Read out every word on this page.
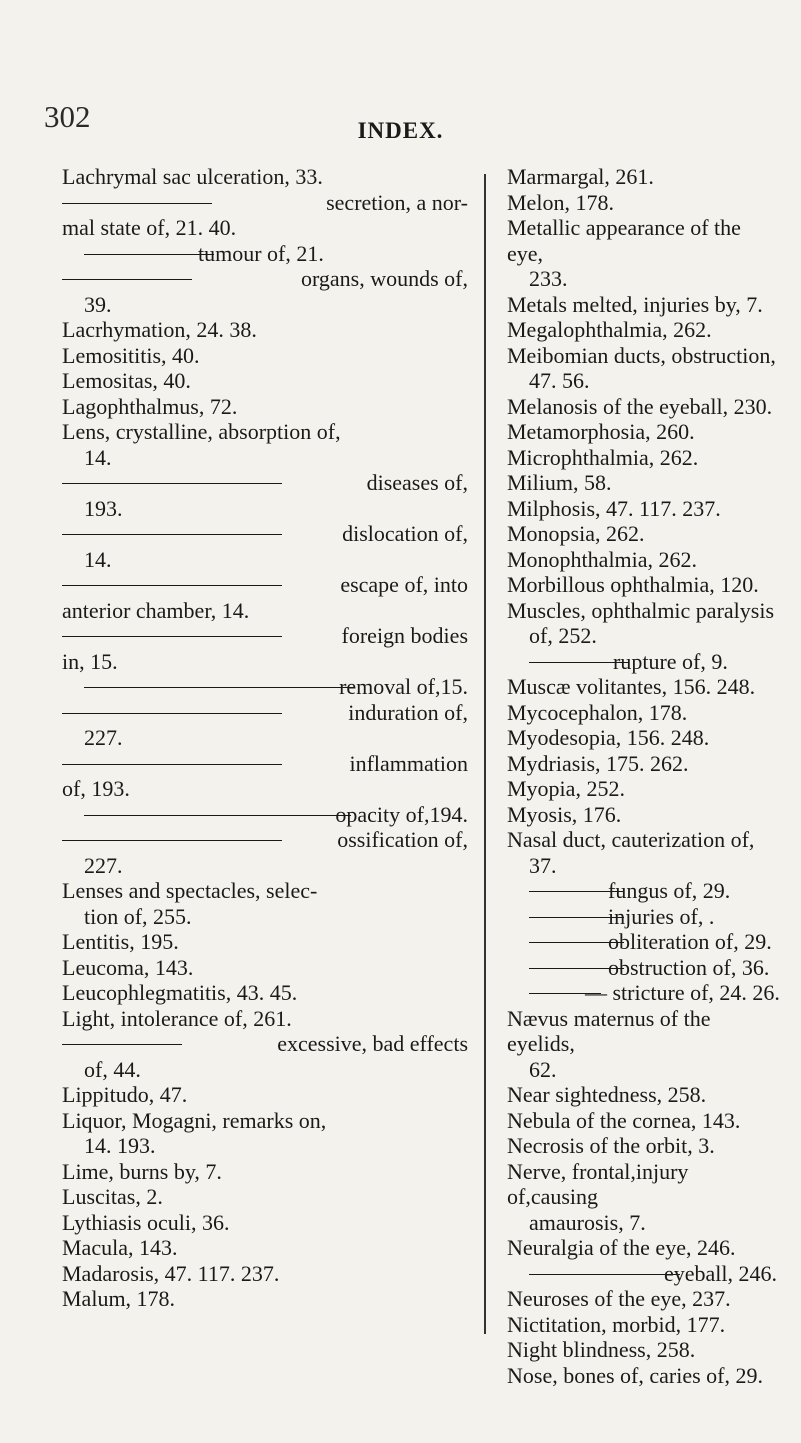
302	INDEX.

Lachrymal sac ulceration, 33.

secretion, a nor-
mal state of, 21. 40.
tumour of, 21.
organs, wounds of,
39.

Lacrhymation, 24. 38.

Lemosititis, 40.

Lemositas, 40.

Lagophthalmus, 72.

Lens, crystalline, absorption of,
14.
diseases of,
193.
dislocation of,
14.
escape of, into
anterior chamber, 14.
foreign bodies
in, 15.
removal of,15.
induration of,
227.
inflammation
of, 193.
opacity of,194.
ossification of,
227.
Lenses and spectacles, selec-
tion of, 255.

Lentitis, 195.

Leucoma, 143.

Leucophlegmatitis, 43. 45.

Light, intolerance of, 261.

excessive, bad effects
of, 44.

Lippitudo, 47.

Liquor, Mogagni, remarks on,
14. 193.

Lime, burns by, 7.

Luscitas, 2.

Lythiasis oculi, 36.

Macula, 143.

Madarosis, 47. 117. 237.

Malum, 178.

Marmargal, 261.

Melon, 178.

Metallic appearance of the eye,
233.

Metals melted, injuries by, 7.

Megalophthalmia, 262.

Meibomian ducts, obstruction,
47. 56.

Melanosis of the eyeball, 230.

Metamorphosia, 260.

Microphthalmia, 262.

Milium, 58.

Milphosis, 47. 117. 237.

Monopsia, 262.

Monophthalmia, 262.

Morbillous ophthalmia, 120.

Muscles, ophthalmic paralysis
of, 252.
rupture of, 9.

Muscæ volitantes, 156. 248.

Mycocephalon, 178.

Myodesopia, 156. 248.

Mydriasis, 175. 262.

Myopia, 252.

Myosis, 176.

Nasal duct, cauterization of,
37.
fungus of, 29.
injuries of, .
obliteration of, 29.
obstruction of, 36.
— stricture of, 24. 26.
Nævus maternus of the eyelids,
62.

Near sightedness, 258.

Nebula of the cornea, 143.

Necrosis of the orbit, 3.

Nerve, frontal,injury of,causing
amaurosis, 7.

Neuralgia of the eye, 246.

eyeball, 246.

Neuroses of the eye, 237.

Nictitation, morbid, 177.

Night blindness, 258.

Nose, bones of, caries of, 29.
